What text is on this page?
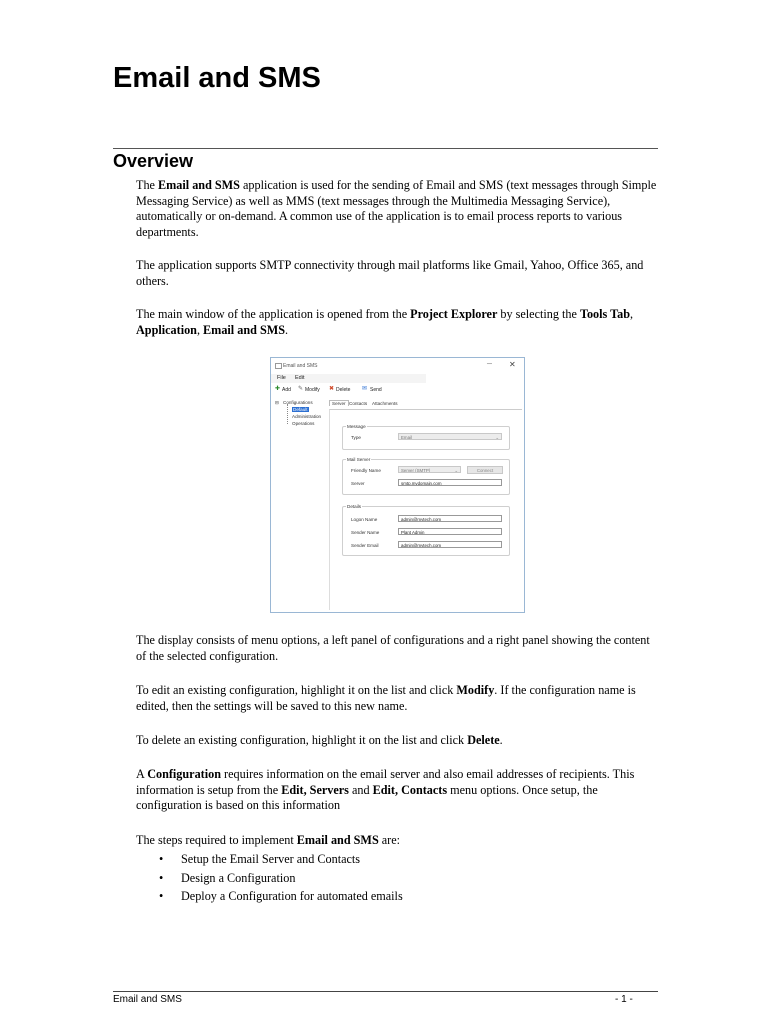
Email and SMS
Overview

The Email and SMS application is used for the sending of Email and SMS (text messages through Simple Messaging Service) as well as MMS (text messages through the Multimedia Messaging Service), automatically or on-demand. A common use of the application is to email process reports to various departments.

The application supports SMTP connectivity through mail platforms like Gmail, Yahoo, Office 365, and others.

The main window of the application is opened from the Project Explorer by selecting the Tools Tab, Application, Email and SMS.

Email and SMS	─ ✕
File Edit
✚ Add ✎ Modify ✖ Delete ✉ Send
⊟ Configurations
Default
Administration
Operations
Server Contacts Attachments
Message
Type	Email	⌄
Mail Server
Friendly Name	Server (SMTP)	⌄	Connect
Server	smtp.mydomain.com
Details
Logon Name	admin@mytech.com
Sender Name	Plant Admin
Sender Email	admin@mytech.com

The display consists of menu options, a left panel of configurations and a right panel showing the content of the selected configuration.

To edit an existing configuration, highlight it on the list and click Modify. If the configuration name is edited, then the settings will be saved to this new name.

To delete an existing configuration, highlight it on the list and click Delete.

A Configuration requires information on the email server and also email addresses of recipients. This information is setup from the Edit, Servers and Edit, Contacts menu options. Once setup, the configuration is based on this information

The steps required to implement Email and SMS are:

• Setup the Email Server and Contacts
• Design a Configuration
• Deploy a Configuration for automated emails
Email and SMS	- 1 -
